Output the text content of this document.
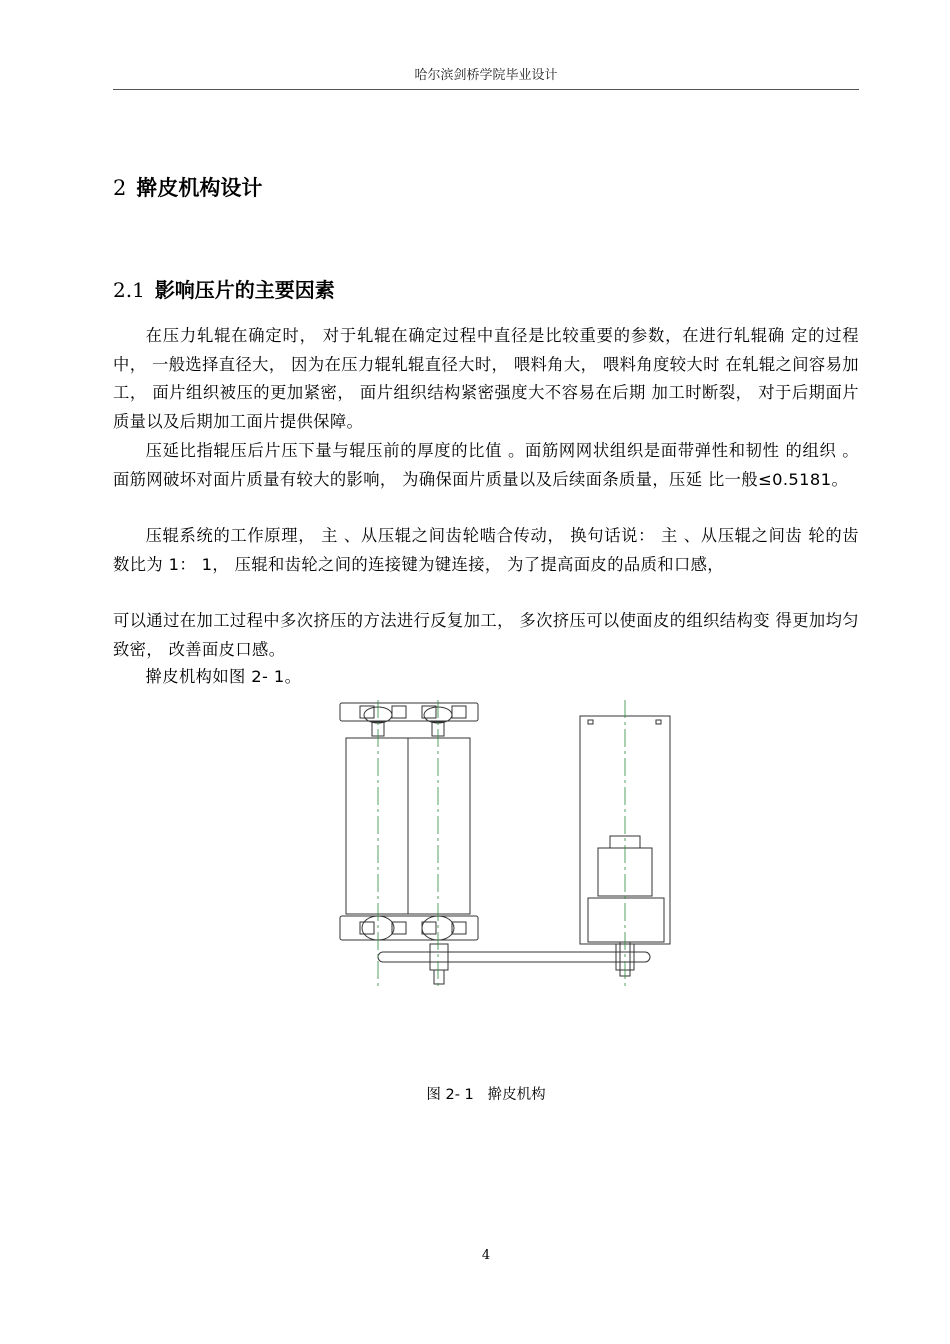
哈尔滨剑桥学院毕业设计
2 擀皮机构设计
2.1 影响压片的主要因素

在压力轧辊在确定时， 对于轧辊在确定过程中直径是比较重要的参数，在进行轧辊确 定的过程中， 一般选择直径大， 因为在压力辊轧辊直径大时， 喂料角大， 喂料角度较大时 在轧辊之间容易加工， 面片组织被压的更加紧密， 面片组织结构紧密强度大不容易在后期 加工时断裂， 对于后期面片质量以及后期加工面片提供保障。

压延比指辊压后片压下量与辊压前的厚度的比值 。面筋网网状组织是面带弹性和韧性 的组织 。面筋网破坏对面片质量有较大的影响， 为确保面片质量以及后续面条质量，压延 比一般≤0.5181。

压辊系统的工作原理， 主 、从压辊之间齿轮啮合传动， 换句话说： 主 、从压辊之间齿 轮的齿数比为 1： 1， 压辊和齿轮之间的连接键为键连接， 为了提高面皮的品质和口感，

可以通过在加工过程中多次挤压的方法进行反复加工， 多次挤压可以使面皮的组织结构变 得更加均匀致密， 改善面皮口感。

擀皮机构如图 2- 1。

图 2- 1 擀皮机构
4
